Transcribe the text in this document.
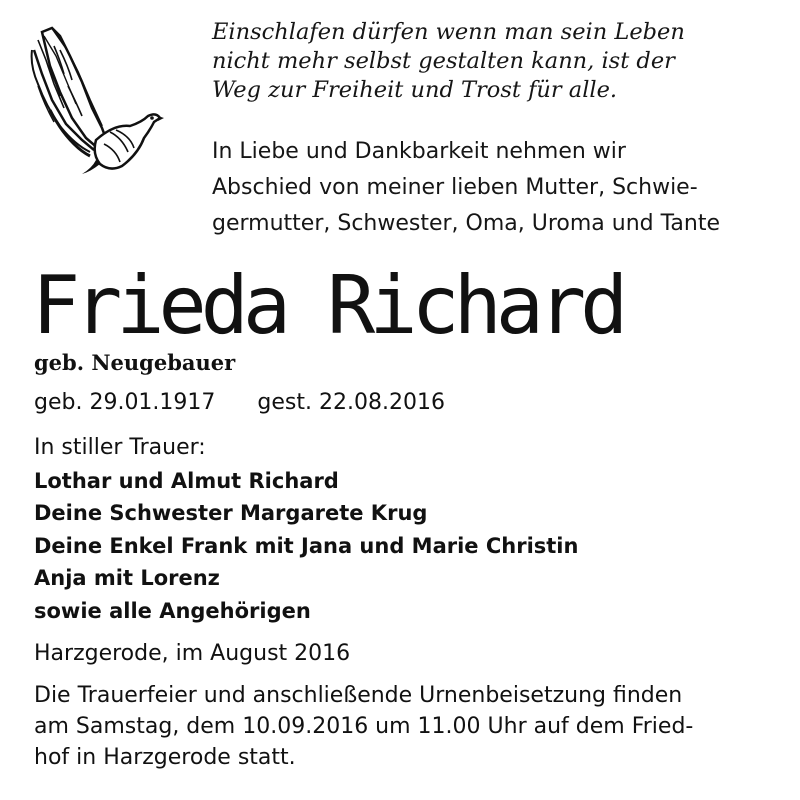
Einschlafen dürfen wenn man sein Leben
nicht mehr selbst gestalten kann, ist der
Weg zur Freiheit und Trost für alle.
In Liebe und Dankbarkeit nehmen wir
Abschied von meiner lieben Mutter, Schwie-
germutter, Schwester, Oma, Uroma und Tante
Frieda Richard
geb. Neugebauer
geb. 29.01.1917 gest. 22.08.2016
In stiller Trauer:
Lothar und Almut Richard
Deine Schwester Margarete Krug
Deine Enkel Frank mit Jana und Marie Christin
Anja mit Lorenz
sowie alle Angehörigen
Harzgerode, im August 2016
Die Trauerfeier und anschließende Urnenbeisetzung finden
am Samstag, dem 10.09.2016 um 11.00 Uhr auf dem Fried-
hof in Harzgerode statt.
